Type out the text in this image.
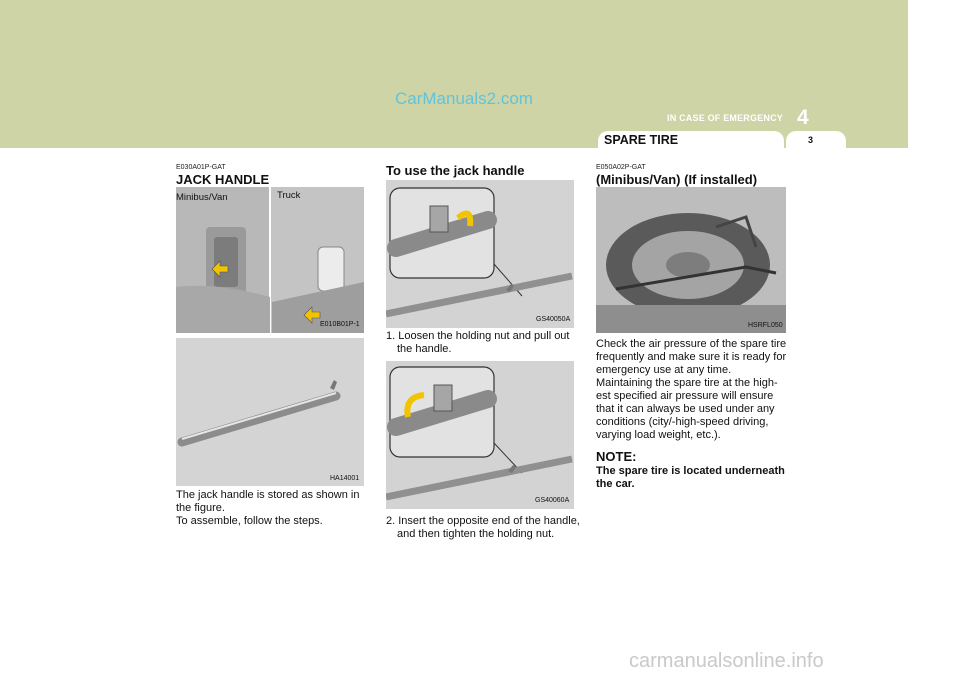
CarManuals2.com
IN CASE OF EMERGENCY 4
SPARE TIRE	3
E030A01P-GAT
JACK HANDLE
Minibus/Van	Truck
E010B01P-1
HA14001
The jack handle is stored as shown in
the figure.
To assemble, follow the steps.
To use the jack handle
GS40050A
1. Loosen the holding nut and pull out the handle.
GS40060A
2. Insert the opposite end of the handle, and then tighten the holding nut.
E050A02P-GAT
(Minibus/Van) (If installed)
HSRFL050
Check the air pressure of the spare tire
frequently and make sure it is ready for
emergency use at any time.
Maintaining the spare tire at the high-
est specified air pressure will ensure
that it can always be used under any
conditions (city/-high-speed driving,
varying load weight, etc.).
NOTE:
The spare tire is located underneath
the car.
carmanualsonline.info
